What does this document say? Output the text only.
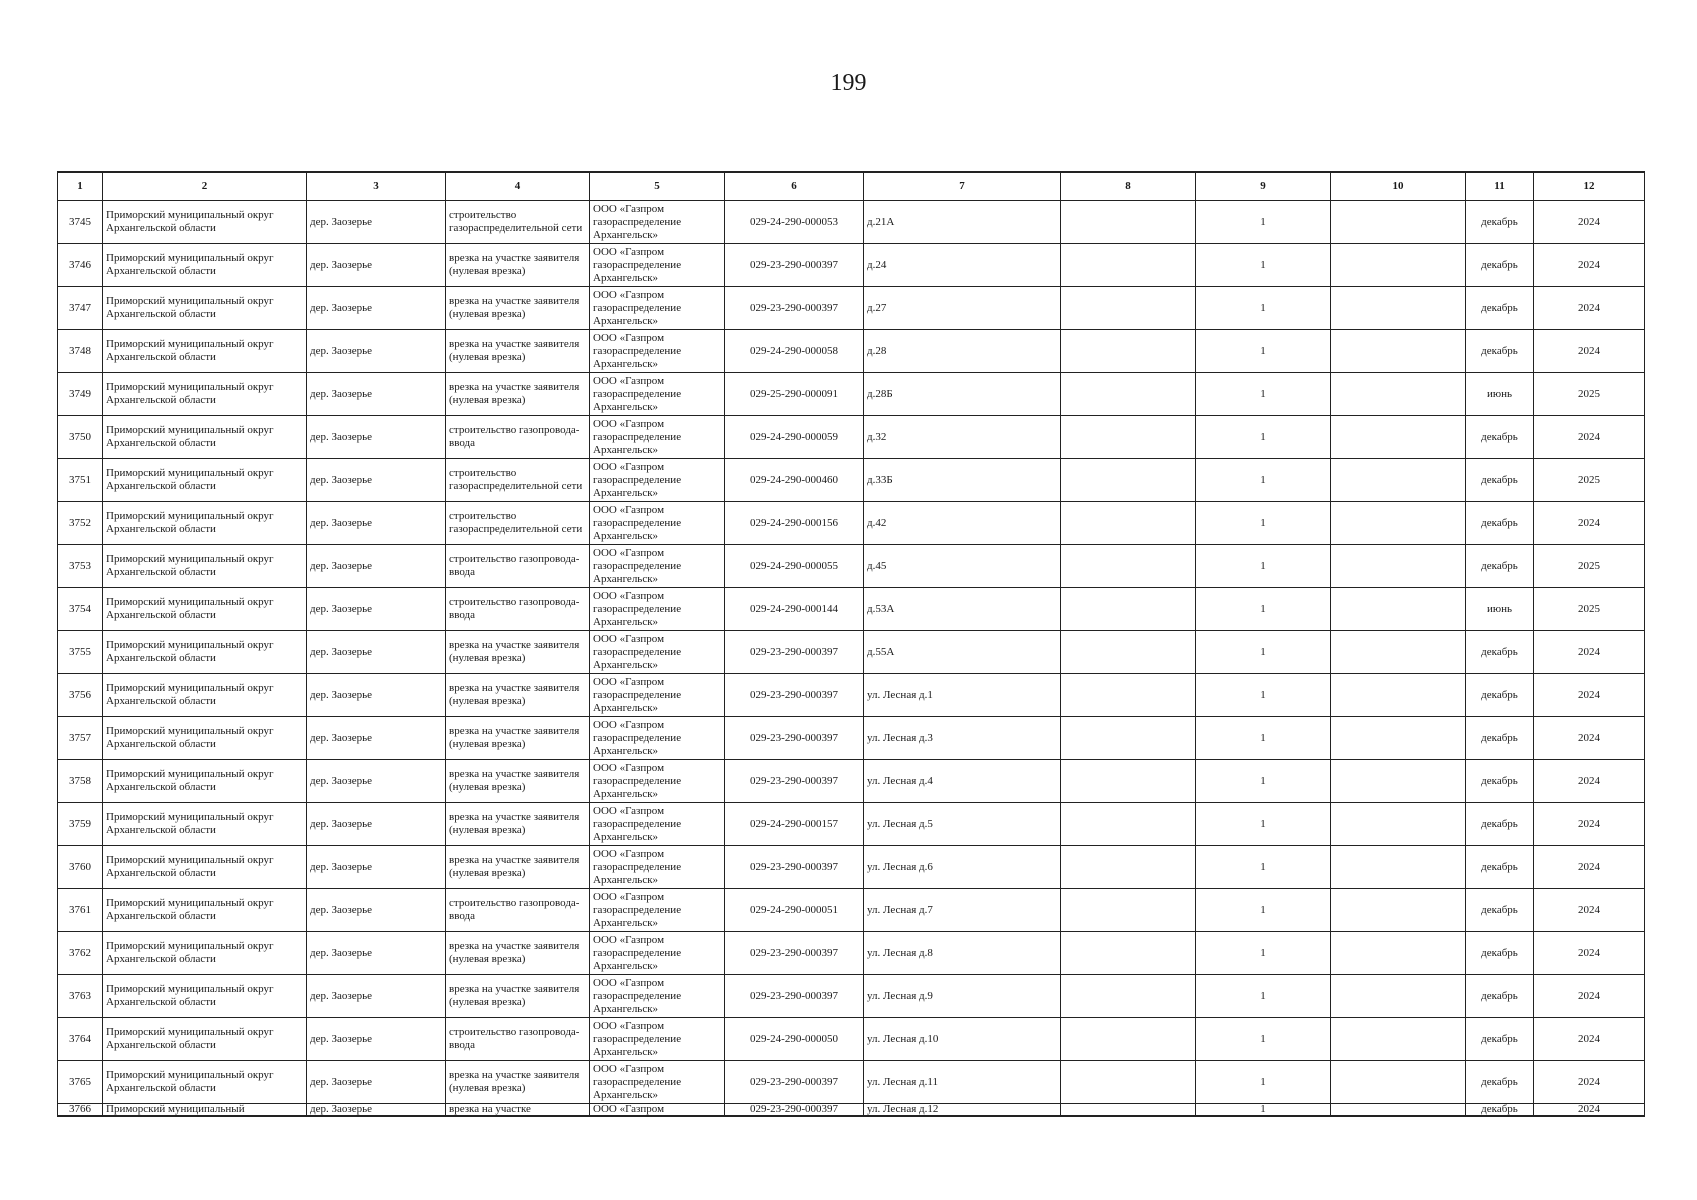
199
1	2	3	4	5	6	7	8	9	10	11	12
3745	Приморский муниципальный округ Архангельской области	дер. Заозерье	строительство газораспределительной сети	ООО «Газпром газораспределение Архангельск»	029-24-290-000053	д.21А		1		декабрь	2024
3746	Приморский муниципальный округ Архангельской области	дер. Заозерье	врезка на участке заявителя (нулевая врезка)	ООО «Газпром газораспределение Архангельск»	029-23-290-000397	д.24		1		декабрь	2024
3747	Приморский муниципальный округ Архангельской области	дер. Заозерье	врезка на участке заявителя (нулевая врезка)	ООО «Газпром газораспределение Архангельск»	029-23-290-000397	д.27		1		декабрь	2024
3748	Приморский муниципальный округ Архангельской области	дер. Заозерье	врезка на участке заявителя (нулевая врезка)	ООО «Газпром газораспределение Архангельск»	029-24-290-000058	д.28		1		декабрь	2024
3749	Приморский муниципальный округ Архангельской области	дер. Заозерье	врезка на участке заявителя (нулевая врезка)	ООО «Газпром газораспределение Архангельск»	029-25-290-000091	д.28Б		1		июнь	2025
3750	Приморский муниципальный округ Архангельской области	дер. Заозерье	строительство газопровода-ввода	ООО «Газпром газораспределение Архангельск»	029-24-290-000059	д.32		1		декабрь	2024
3751	Приморский муниципальный округ Архангельской области	дер. Заозерье	строительство газораспределительной сети	ООО «Газпром газораспределение Архангельск»	029-24-290-000460	д.33Б		1		декабрь	2025
3752	Приморский муниципальный округ Архангельской области	дер. Заозерье	строительство газораспределительной сети	ООО «Газпром газораспределение Архангельск»	029-24-290-000156	д.42		1		декабрь	2024
3753	Приморский муниципальный округ Архангельской области	дер. Заозерье	строительство газопровода-ввода	ООО «Газпром газораспределение Архангельск»	029-24-290-000055	д.45		1		декабрь	2025
3754	Приморский муниципальный округ Архангельской области	дер. Заозерье	строительство газопровода-ввода	ООО «Газпром газораспределение Архангельск»	029-24-290-000144	д.53А		1		июнь	2025
3755	Приморский муниципальный округ Архангельской области	дер. Заозерье	врезка на участке заявителя (нулевая врезка)	ООО «Газпром газораспределение Архангельск»	029-23-290-000397	д.55А		1		декабрь	2024
3756	Приморский муниципальный округ Архангельской области	дер. Заозерье	врезка на участке заявителя (нулевая врезка)	ООО «Газпром газораспределение Архангельск»	029-23-290-000397	ул. Лесная д.1		1		декабрь	2024
3757	Приморский муниципальный округ Архангельской области	дер. Заозерье	врезка на участке заявителя (нулевая врезка)	ООО «Газпром газораспределение Архангельск»	029-23-290-000397	ул. Лесная д.3		1		декабрь	2024
3758	Приморский муниципальный округ Архангельской области	дер. Заозерье	врезка на участке заявителя (нулевая врезка)	ООО «Газпром газораспределение Архангельск»	029-23-290-000397	ул. Лесная д.4		1		декабрь	2024
3759	Приморский муниципальный округ Архангельской области	дер. Заозерье	врезка на участке заявителя (нулевая врезка)	ООО «Газпром газораспределение Архангельск»	029-24-290-000157	ул. Лесная д.5		1		декабрь	2024
3760	Приморский муниципальный округ Архангельской области	дер. Заозерье	врезка на участке заявителя (нулевая врезка)	ООО «Газпром газораспределение Архангельск»	029-23-290-000397	ул. Лесная д.6		1		декабрь	2024
3761	Приморский муниципальный округ Архангельской области	дер. Заозерье	строительство газопровода-ввода	ООО «Газпром газораспределение Архангельск»	029-24-290-000051	ул. Лесная д.7		1		декабрь	2024
3762	Приморский муниципальный округ Архангельской области	дер. Заозерье	врезка на участке заявителя (нулевая врезка)	ООО «Газпром газораспределение Архангельск»	029-23-290-000397	ул. Лесная д.8		1		декабрь	2024
3763	Приморский муниципальный округ Архангельской области	дер. Заозерье	врезка на участке заявителя (нулевая врезка)	ООО «Газпром газораспределение Архангельск»	029-23-290-000397	ул. Лесная д.9		1		декабрь	2024
3764	Приморский муниципальный округ Архангельской области	дер. Заозерье	строительство газопровода-ввода	ООО «Газпром газораспределение Архангельск»	029-24-290-000050	ул. Лесная д.10		1		декабрь	2024
3765	Приморский муниципальный округ Архангельской области	дер. Заозерье	врезка на участке заявителя (нулевая врезка)	ООО «Газпром газораспределение Архангельск»	029-23-290-000397	ул. Лесная д.11		1		декабрь	2024
3766	Приморский муниципальный	дер. Заозерье	врезка на участке	ООО «Газпром	029-23-290-000397	ул. Лесная д.12		1		декабрь	2024
